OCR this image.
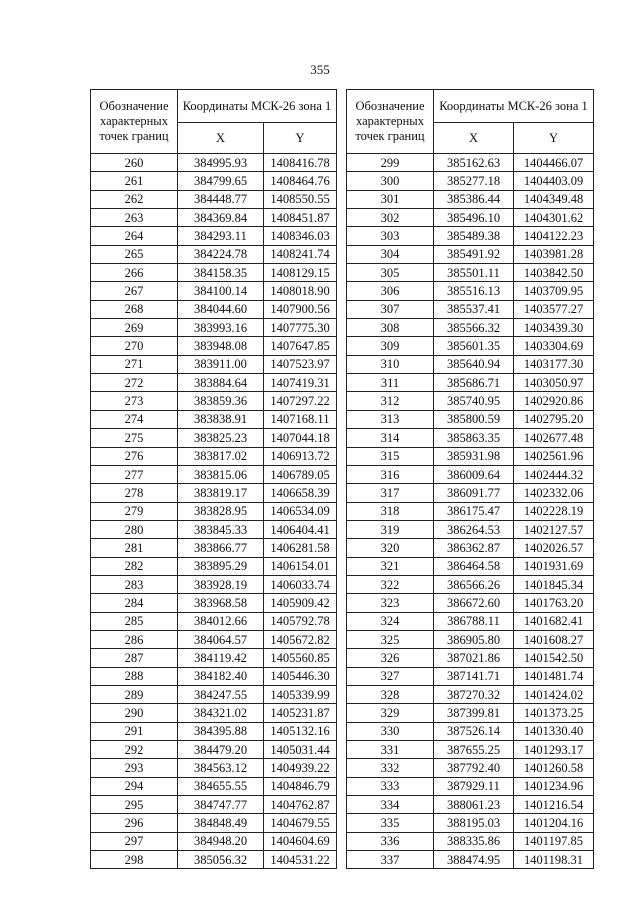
355
Обозначение характерных точек границ	Координаты МСК-26 зона 1	
	X	Y
260	384995.93	1408416.78
261	384799.65	1408464.76
262	384448.77	1408550.55
263	384369.84	1408451.87
264	384293.11	1408346.03
265	384224.78	1408241.74
266	384158.35	1408129.15
267	384100.14	1408018.90
268	384044.60	1407900.56
269	383993.16	1407775.30
270	383948.08	1407647.85
271	383911.00	1407523.97
272	383884.64	1407419.31
273	383859.36	1407297.22
274	383838.91	1407168.11
275	383825.23	1407044.18
276	383817.02	1406913.72
277	383815.06	1406789.05
278	383819.17	1406658.39
279	383828.95	1406534.09
280	383845.33	1406404.41
281	383866.77	1406281.58
282	383895.29	1406154.01
283	383928.19	1406033.74
284	383968.58	1405909.42
285	384012.66	1405792.78
286	384064.57	1405672.82
287	384119.42	1405560.85
288	384182.40	1405446.30
289	384247.55	1405339.99
290	384321.02	1405231.87
291	384395.88	1405132.16
292	384479.20	1405031.44
293	384563.12	1404939.22
294	384655.55	1404846.79
295	384747.77	1404762.87
296	384848.49	1404679.55
297	384948.20	1404604.69
298	385056.32	1404531.22
Обозначение характерных точек границ	Координаты МСК-26 зона 1	
	X	Y
299	385162.63	1404466.07
300	385277.18	1404403.09
301	385386.44	1404349.48
302	385496.10	1404301.62
303	385489.38	1404122.23
304	385491.92	1403981.28
305	385501.11	1403842.50
306	385516.13	1403709.95
307	385537.41	1403577.27
308	385566.32	1403439.30
309	385601.35	1403304.69
310	385640.94	1403177.30
311	385686.71	1403050.97
312	385740.95	1402920.86
313	385800.59	1402795.20
314	385863.35	1402677.48
315	385931.98	1402561.96
316	386009.64	1402444.32
317	386091.77	1402332.06
318	386175.47	1402228.19
319	386264.53	1402127.57
320	386362.87	1402026.57
321	386464.58	1401931.69
322	386566.26	1401845.34
323	386672.60	1401763.20
324	386788.11	1401682.41
325	386905.80	1401608.27
326	387021.86	1401542.50
327	387141.71	1401481.74
328	387270.32	1401424.02
329	387399.81	1401373.25
330	387526.14	1401330.40
331	387655.25	1401293.17
332	387792.40	1401260.58
333	387929.11	1401234.96
334	388061.23	1401216.54
335	388195.03	1401204.16
336	388335.86	1401197.85
337	388474.95	1401198.31
